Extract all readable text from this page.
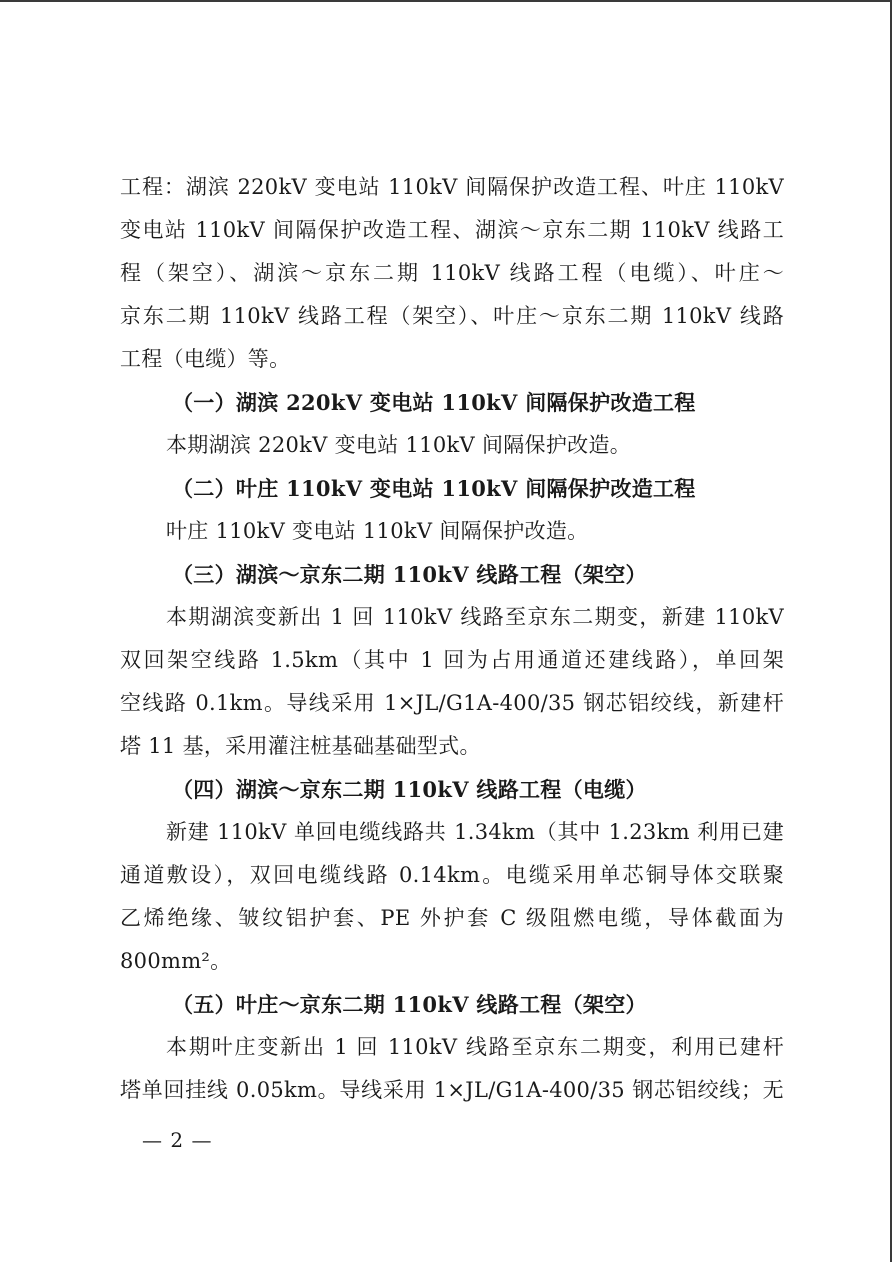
工程：湖滨 220kV 变电站 110kV 间隔保护改造工程、叶庄 110kV
变电站 110kV 间隔保护改造工程、湖滨～京东二期 110kV 线路工
程（架空）、湖滨～京东二期 110kV 线路工程（电缆）、叶庄～
京东二期 110kV 线路工程（架空）、叶庄～京东二期 110kV 线路
工程（电缆）等。
（一）湖滨 220kV 变电站 110kV 间隔保护改造工程
本期湖滨 220kV 变电站 110kV 间隔保护改造。
（二）叶庄 110kV 变电站 110kV 间隔保护改造工程
叶庄 110kV 变电站 110kV 间隔保护改造。
（三）湖滨～京东二期 110kV 线路工程（架空）
本期湖滨变新出 1 回 110kV 线路至京东二期变，新建 110kV
双回架空线路 1.5km（其中 1 回为占用通道还建线路），单回架
空线路 0.1km。导线采用 1×JL/G1A-400/35 钢芯铝绞线，新建杆
塔 11 基，采用灌注桩基础基础型式。
（四）湖滨～京东二期 110kV 线路工程（电缆）
新建 110kV 单回电缆线路共 1.34km（其中 1.23km 利用已建
通道敷设），双回电缆线路 0.14km。电缆采用单芯铜导体交联聚
乙烯绝缘、皱纹铝护套、PE 外护套 C 级阻燃电缆，导体截面为
800mm²。
（五）叶庄～京东二期 110kV 线路工程（架空）
本期叶庄变新出 1 回 110kV 线路至京东二期变，利用已建杆
塔单回挂线 0.05km。导线采用 1×JL/G1A-400/35 钢芯铝绞线；无
— 2 —
